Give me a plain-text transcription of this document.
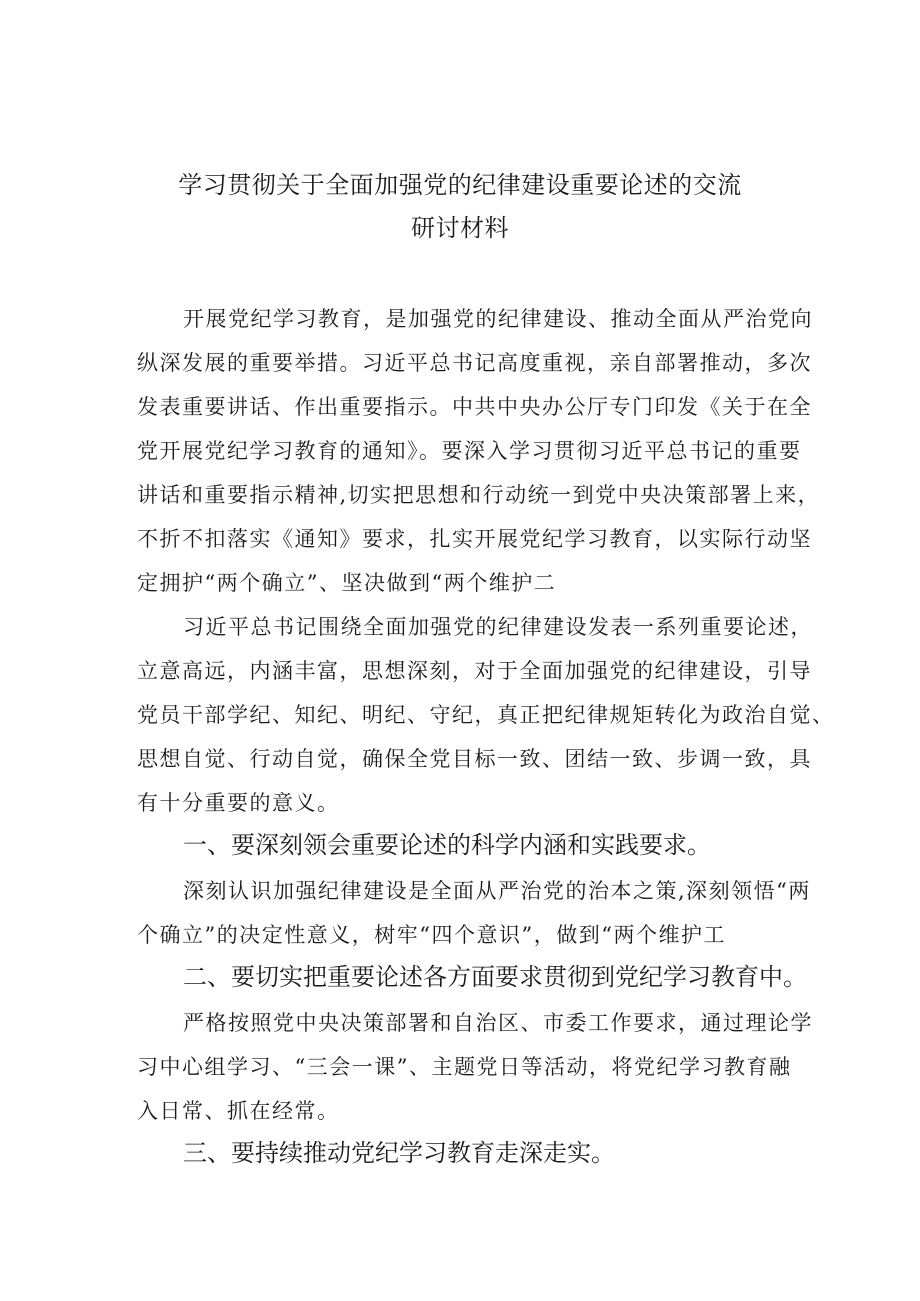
学习贯彻关于全面加强党的纪律建设重要论述的交流
研讨材料
开展党纪学习教育，是加强党的纪律建设、推动全面从严治党向
纵深发展的重要举措。习近平总书记高度重视，亲自部署推动，多次
发表重要讲话、作出重要指示。中共中央办公厅专门印发《关于在全
党开展党纪学习教育的通知》。要深入学习贯彻习近平总书记的重要
讲话和重要指示精神,切实把思想和行动统一到党中央决策部署上来，
不折不扣落实《通知》要求，扎实开展党纪学习教育，以实际行动坚
定拥护“两个确立”、坚决做到“两个维护二
习近平总书记围绕全面加强党的纪律建设发表一系列重要论述，
立意高远，内涵丰富，思想深刻，对于全面加强党的纪律建设，引导
党员干部学纪、知纪、明纪、守纪，真正把纪律规矩转化为政治自觉、
思想自觉、行动自觉，确保全党目标一致、团结一致、步调一致，具
有十分重要的意义。
一、要深刻领会重要论述的科学内涵和实践要求。
深刻认识加强纪律建设是全面从严治党的治本之策,深刻领悟“两
个确立”的决定性意义，树牢“四个意识”，做到“两个维护工
二、要切实把重要论述各方面要求贯彻到党纪学习教育中。
严格按照党中央决策部署和自治区、市委工作要求，通过理论学
习中心组学习、“三会一课”、主题党日等活动，将党纪学习教育融
入日常、抓在经常。
三、要持续推动党纪学习教育走深走实。
